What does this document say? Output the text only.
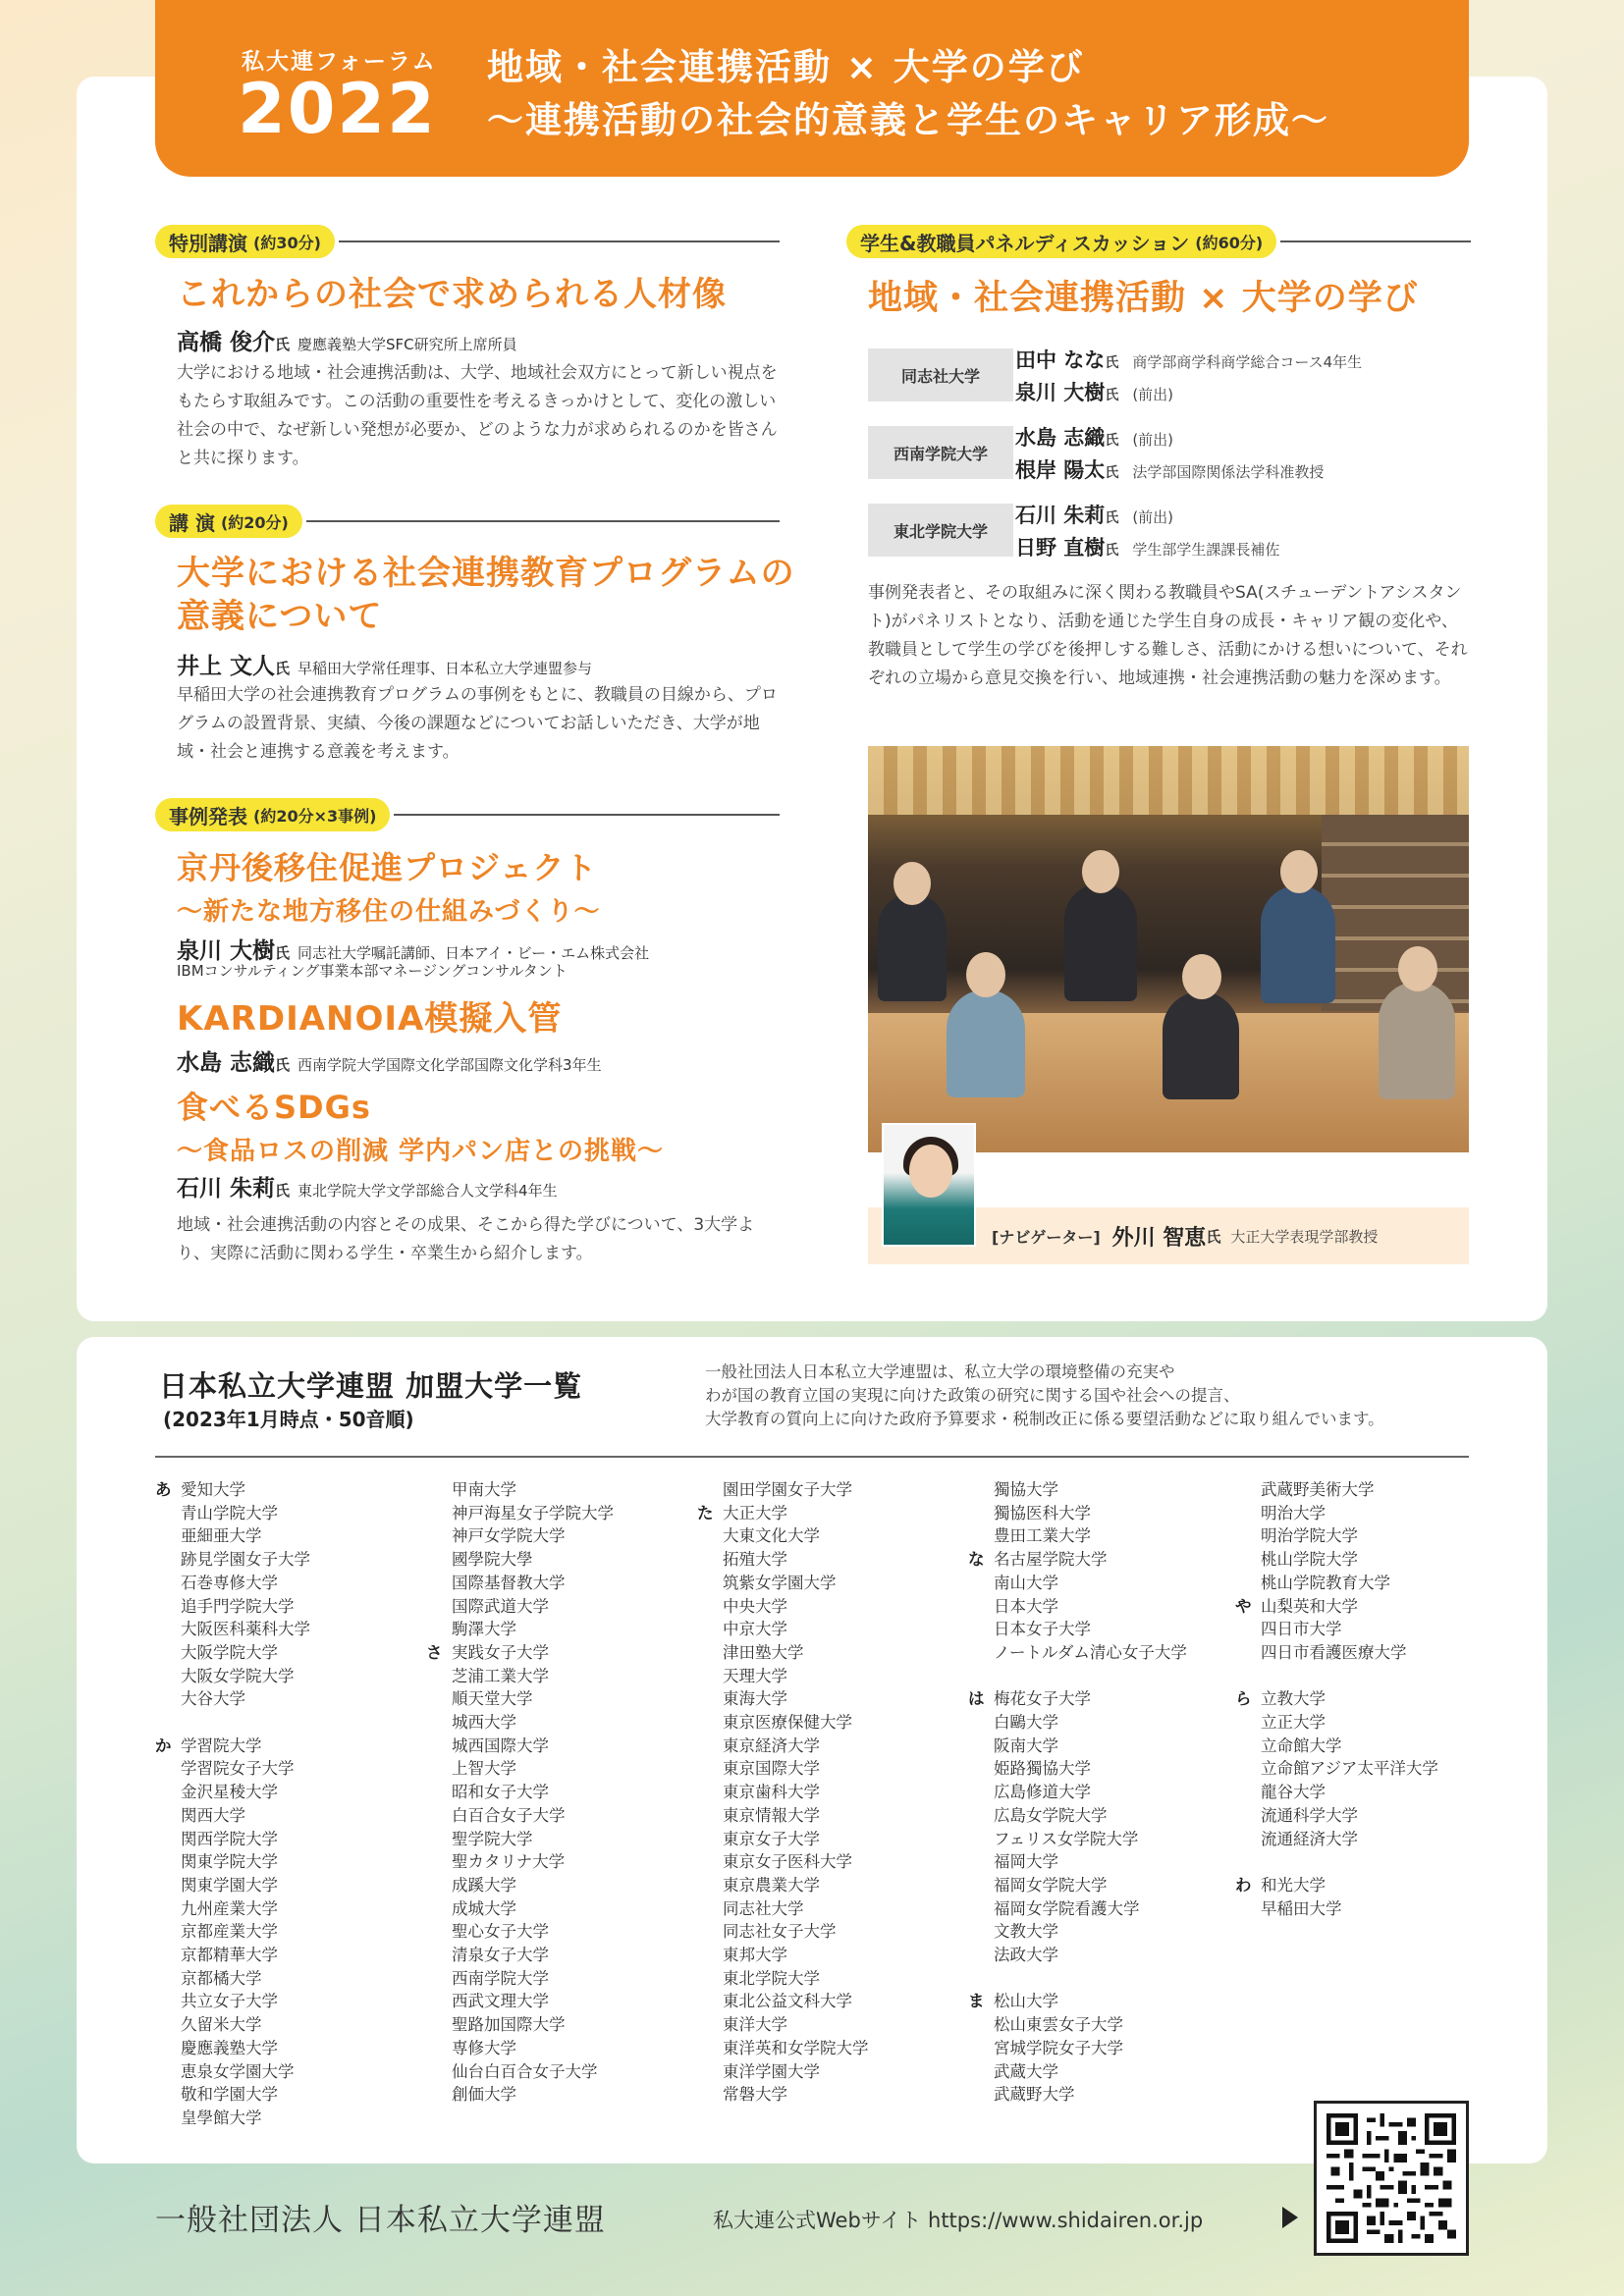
私大連フォーラム
2022
地域・社会連携活動 × 大学の学び
〜連携活動の社会的意義と学生のキャリア形成〜
特別講演 (約30分)
これからの社会で求められる人材像
高橋 俊介氏 慶應義塾大学SFC研究所上席所員
大学における地域・社会連携活動は、大学、地域社会双方にとって新しい視点をもたらす取組みです。この活動の重要性を考えるきっかけとして、変化の激しい社会の中で、なぜ新しい発想が必要か、どのような力が求められるのかを皆さんと共に探ります。
講 演 (約20分)
大学における社会連携教育プログラムの
意義について
井上 文人氏 早稲田大学常任理事、日本私立大学連盟参与
早稲田大学の社会連携教育プログラムの事例をもとに、教職員の目線から、プログラムの設置背景、実績、今後の課題などについてお話しいただき、大学が地域・社会と連携する意義を考えます。
事例発表 (約20分×3事例)
京丹後移住促進プロジェクト
〜新たな地方移住の仕組みづくり〜
泉川 大樹氏 同志社大学嘱託講師、日本アイ・ビー・エム株式会社
IBMコンサルティング事業本部マネージングコンサルタント
KARDIANOIA模擬入管
水島 志織氏 西南学院大学国際文化学部国際文化学科3年生
食べるSDGs
〜食品ロスの削減 学内パン店との挑戦〜
石川 朱莉氏 東北学院大学文学部総合人文学科4年生
地域・社会連携活動の内容とその成果、そこから得た学びについて、3大学より、実際に活動に関わる学生・卒業生から紹介します。
学生&教職員パネルディスカッション (約60分)
地域・社会連携活動 × 大学の学び
同志社大学
田中 なな氏 商学部商学科商学総合コース4年生
泉川 大樹氏 (前出)
西南学院大学
水島 志織氏 (前出)
根岸 陽太氏 法学部国際関係法学科准教授
東北学院大学
石川 朱莉氏 (前出)
日野 直樹氏 学生部学生課課長補佐
事例発表者と、その取組みに深く関わる教職員やSA(スチューデントアシスタント)がパネリストとなり、活動を通じた学生自身の成長・キャリア観の変化や、教職員として学生の学びを後押しする難しさ、活動にかける想いについて、それぞれの立場から意見交換を行い、地域連携・社会連携活動の魅力を深めます。
[ナビゲーター] 外川 智恵 氏 大正大学表現学部教授
日本私立大学連盟 加盟大学一覧
(2023年1月時点・50音順)
一般社団法人日本私立大学連盟は、私立大学の環境整備の充実や
わが国の教育立国の実現に向けた政策の研究に関する国や社会への提言、
大学教育の質向上に向けた政府予算要求・税制改正に係る要望活動などに取り組んでいます。
あ 愛知大学
青山学院大学
亜細亜大学
跡見学園女子大学
石巻専修大学
追手門学院大学
大阪医科薬科大学
大阪学院大学
大阪女学院大学
大谷大学
か 学習院大学
学習院女子大学
金沢星稜大学
関西大学
関西学院大学
関東学院大学
関東学園大学
九州産業大学
京都産業大学
京都精華大学
京都橘大学
共立女子大学
久留米大学
慶應義塾大学
恵泉女学園大学
敬和学園大学
皇學館大学
甲南大学
神戸海星女子学院大学
神戸女学院大学
國學院大學
国際基督教大学
国際武道大学
駒澤大学
さ 実践女子大学
芝浦工業大学
順天堂大学
城西大学
城西国際大学
上智大学
昭和女子大学
白百合女子大学
聖学院大学
聖カタリナ大学
成蹊大学
成城大学
聖心女子大学
清泉女子大学
西南学院大学
西武文理大学
聖路加国際大学
専修大学
仙台白百合女子大学
創価大学
園田学園女子大学
た 大正大学
大東文化大学
拓殖大学
筑紫女学園大学
中央大学
中京大学
津田塾大学
天理大学
東海大学
東京医療保健大学
東京経済大学
東京国際大学
東京歯科大学
東京情報大学
東京女子大学
東京女子医科大学
東京農業大学
同志社大学
同志社女子大学
東邦大学
東北学院大学
東北公益文科大学
東洋大学
東洋英和女学院大学
東洋学園大学
常磐大学
獨協大学
獨協医科大学
豊田工業大学
な 名古屋学院大学
南山大学
日本大学
日本女子大学
ノートルダム清心女子大学
は 梅花女子大学
白鷗大学
阪南大学
姫路獨協大学
広島修道大学
広島女学院大学
フェリス女学院大学
福岡大学
福岡女学院大学
福岡女学院看護大学
文教大学
法政大学
ま 松山大学
松山東雲女子大学
宮城学院女子大学
武蔵大学
武蔵野大学
武蔵野美術大学
明治大学
明治学院大学
桃山学院大学
桃山学院教育大学
や 山梨英和大学
四日市大学
四日市看護医療大学
ら 立教大学
立正大学
立命館大学
立命館アジア太平洋大学
龍谷大学
流通科学大学
流通経済大学
わ 和光大学
早稲田大学
一般社団法人 日本私立大学連盟	私大連公式Webサイト https://www.shidairen.or.jp
